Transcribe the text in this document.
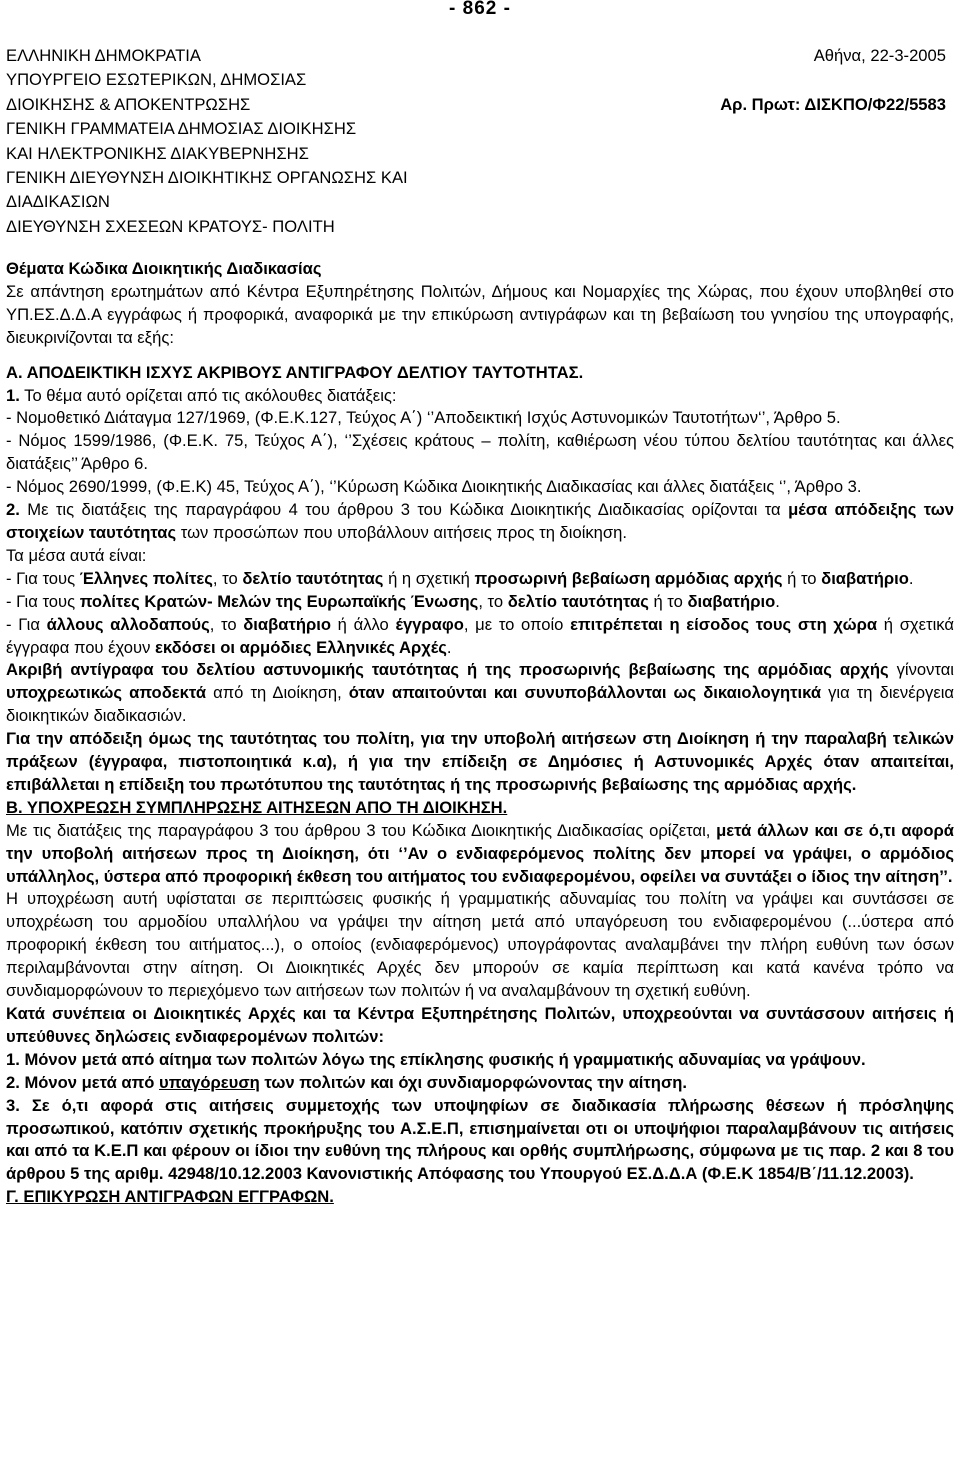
- 862 -
ΕΛΛΗΝΙΚΗ ΔΗΜΟΚΡΑΤΙΑ
ΥΠΟΥΡΓΕΙΟ ΕΣΩΤΕΡΙΚΩΝ, ΔΗΜΟΣΙΑΣ
ΔΙΟΙΚΗΣΗΣ & ΑΠΟΚΕΝΤΡΩΣΗΣ
ΓΕΝΙΚΗ ΓΡΑΜΜΑΤΕΙΑ ΔΗΜΟΣΙΑΣ ΔΙΟΙΚΗΣΗΣ
ΚΑΙ ΗΛΕΚΤΡΟΝΙΚΗΣ ΔΙΑΚΥΒΕΡΝΗΣΗΣ
ΓΕΝΙΚΗ ΔΙΕΥΘΥΝΣΗ ΔΙΟΙΚΗΤΙΚΗΣ ΟΡΓΑΝΩΣΗΣ ΚΑΙ
ΔΙΑΔΙΚΑΣΙΩΝ
ΔΙΕΥΘΥΝΣΗ ΣΧΕΣΕΩΝ ΚΡΑΤΟΥΣ- ΠΟΛΙΤΗ
Αθήνα, 22-3-2005
Αρ. Πρωτ: ΔΙΣΚΠΟ/Φ22/5583

Θέματα Κώδικα Διοικητικής Διαδικασίας

Σε απάντηση ερωτημάτων από Κέντρα Εξυπηρέτησης Πολιτών, Δήμους και Νομαρχίες της Χώρας, που έχουν υποβληθεί στο ΥΠ.ΕΣ.Δ.Δ.Α εγγράφως ή προφορικά, αναφορικά με την επικύρωση αντιγράφων και τη βεβαίωση του γνησίου της υπογραφής, διευκρινίζονται τα εξής:

Α. ΑΠΟΔΕΙΚΤΙΚΗ ΙΣΧΥΣ ΑΚΡΙΒΟΥΣ ΑΝΤΙΓΡΑΦΟΥ ΔΕΛΤΙΟΥ ΤΑΥΤΟΤΗΤΑΣ.

1. Το θέμα αυτό ορίζεται από τις ακόλουθες διατάξεις:

- Νομοθετικό Διάταγμα 127/1969, (Φ.Ε.Κ.127, Τεύχος Α΄) ‘’Αποδεικτική Ισχύς Αστυνομικών Ταυτοτήτων‘’, Άρθρο 5.

- Νόμος 1599/1986, (Φ.Ε.Κ. 75, Τεύχος Α΄), ‘’Σχέσεις κράτους – πολίτη, καθιέρωση νέου τύπου δελτίου ταυτότητας και άλλες διατάξεις’’ Άρθρο 6.

- Νόμος 2690/1999, (Φ.Ε.Κ) 45, Τεύχος Α΄), ‘’Κύρωση Κώδικα Διοικητικής Διαδικασίας και άλλες διατάξεις ‘’, Άρθρο 3.

2. Με τις διατάξεις της παραγράφου 4 του άρθρου 3 του Κώδικα Διοικητικής Διαδικασίας ορίζονται τα μέσα απόδειξης των στοιχείων ταυτότητας των προσώπων που υποβάλλουν αιτήσεις προς τη διοίκηση.

Τα μέσα αυτά είναι:

- Για τους Έλληνες πολίτες, το δελτίο ταυτότητας ή η σχετική προσωρινή βεβαίωση αρμόδιας αρχής ή το διαβατήριο.

- Για τους πολίτες Κρατών- Μελών της Ευρωπαϊκής Ένωσης, το δελτίο ταυτότητας ή το διαβατήριο.

- Για άλλους αλλοδαπούς, το διαβατήριο ή άλλο έγγραφο, με το οποίο επιτρέπεται η είσοδος τους στη χώρα ή σχετικά έγγραφα που έχουν εκδόσει οι αρμόδιες Ελληνικές Αρχές.

Ακριβή αντίγραφα του δελτίου αστυνομικής ταυτότητας ή της προσωρινής βεβαίωσης της αρμόδιας αρχής γίνονται υποχρεωτικώς αποδεκτά από τη Διοίκηση, όταν απαιτούνται και συνυποβάλλονται ως δικαιολογητικά για τη διενέργεια διοικητικών διαδικασιών.

Για την απόδειξη όμως της ταυτότητας του πολίτη, για την υποβολή αιτήσεων στη Διοίκηση ή την παραλαβή τελικών πράξεων (έγγραφα, πιστοποιητικά κ.α), ή για την επίδειξη σε Δημόσιες ή Αστυνομικές Αρχές όταν απαιτείται, επιβάλλεται η επίδειξη του πρωτότυπου της ταυτότητας ή της προσωρινής βεβαίωσης της αρμόδιας αρχής.

Β. ΥΠΟΧΡΕΩΣΗ ΣΥΜΠΛΗΡΩΣΗΣ ΑΙΤΗΣΕΩΝ ΑΠΟ ΤΗ ΔΙΟΙΚΗΣΗ.

Με τις διατάξεις της παραγράφου 3 του άρθρου 3 του Κώδικα Διοικητικής Διαδικασίας ορίζεται, μετά άλλων και σε ό,τι αφορά την υποβολή αιτήσεων προς τη Διοίκηση, ότι ‘’Αν ο ενδιαφερόμενος πολίτης δεν μπορεί να γράψει, ο αρμόδιος υπάλληλος, ύστερα από προφορική έκθεση του αιτήματος του ενδιαφερομένου, οφείλει να συντάξει ο ίδιος την αίτηση’’.

Η υποχρέωση αυτή υφίσταται σε περιπτώσεις φυσικής ή γραμματικής αδυναμίας του πολίτη να γράψει και συντάσσει σε υποχρέωση του αρμοδίου υπαλλήλου να γράψει την αίτηση μετά από υπαγόρευση του ενδιαφερομένου (...ύστερα από προφορική έκθεση του αιτήματος...), ο οποίος (ενδιαφερόμενος) υπογράφοντας αναλαμβάνει την πλήρη ευθύνη των όσων περιλαμβάνονται στην αίτηση. Οι Διοικητικές Αρχές δεν μπορούν σε καμία περίπτωση και κατά κανένα τρόπο να συνδιαμορφώνουν το περιεχόμενο των αιτήσεων των πολιτών ή να αναλαμβάνουν τη σχετική ευθύνη.

Κατά συνέπεια οι Διοικητικές Αρχές και τα Κέντρα Εξυπηρέτησης Πολιτών, υποχρεούνται να συντάσσουν αιτήσεις ή υπεύθυνες δηλώσεις ενδιαφερομένων πολιτών:

1. Μόνον μετά από αίτημα των πολιτών λόγω της επίκλησης φυσικής ή γραμματικής αδυναμίας να γράψουν.

2. Μόνον μετά από υπαγόρευση των πολιτών και όχι συνδιαμορφώνοντας την αίτηση.

3. Σε ό,τι αφορά στις αιτήσεις συμμετοχής των υποψηφίων σε διαδικασία πλήρωσης θέσεων ή πρόσληψης προσωπικού, κατόπιν σχετικής προκήρυξης του Α.Σ.Ε.Π, επισημαίνεται οτι οι υποψήφιοι παραλαμβάνουν τις αιτήσεις και από τα Κ.Ε.Π και φέρουν οι ίδιοι την ευθύνη της πλήρους και ορθής συμπλήρωσης, σύμφωνα με τις παρ. 2 και 8 του άρθρου 5 της αριθμ. 42948/10.12.2003 Κανονιστικής Απόφασης του Υπουργού ΕΣ.Δ.Δ.Α (Φ.Ε.Κ 1854/Β΄/11.12.2003).

Γ. ΕΠΙΚΥΡΩΣΗ ΑΝΤΙΓΡΑΦΩΝ ΕΓΓΡΑΦΩΝ.
